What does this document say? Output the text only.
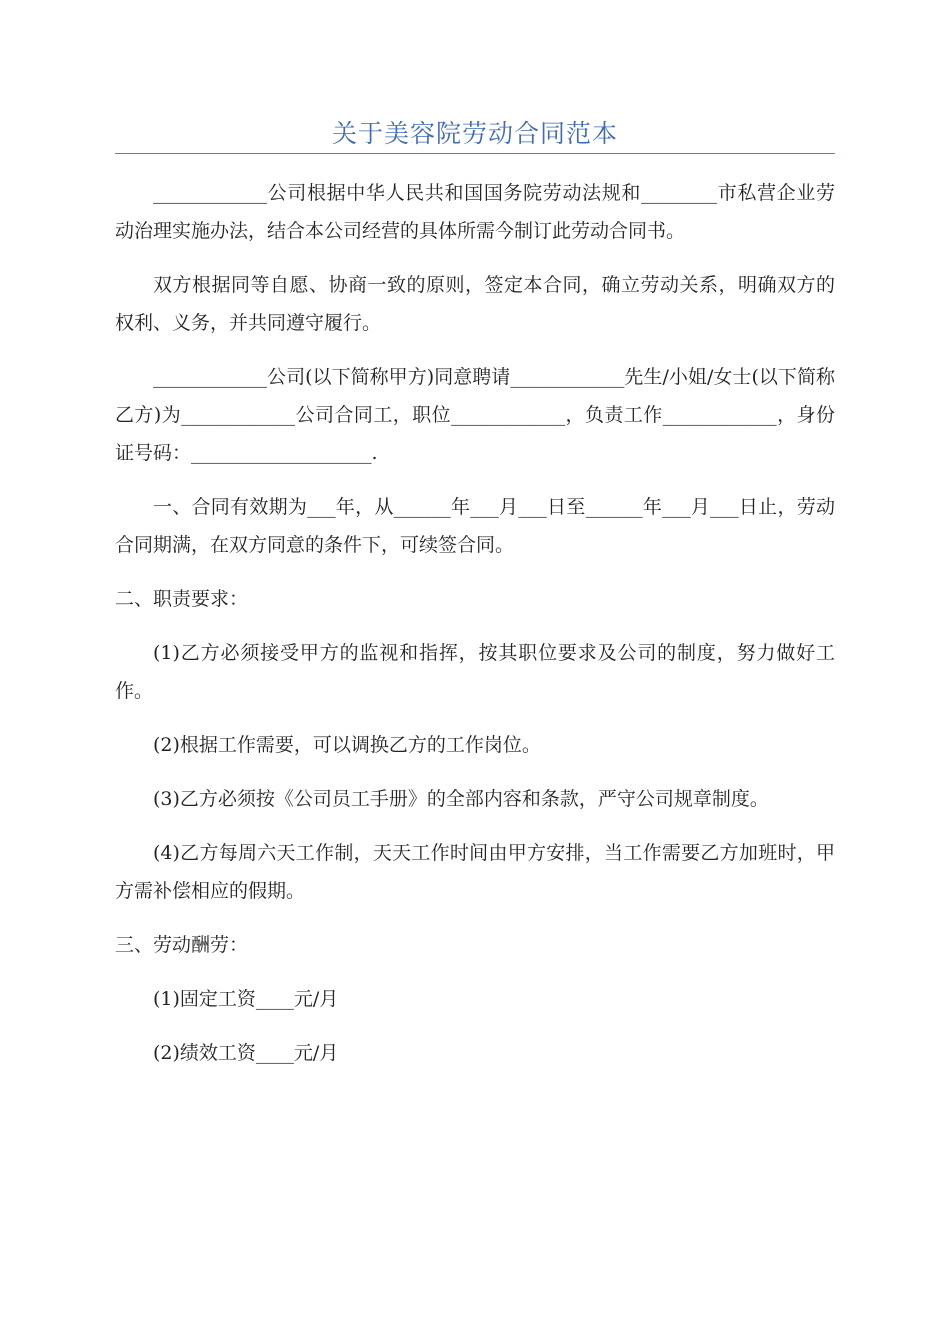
关于美容院劳动合同范本

____________公司根据中华人民共和国国务院劳动法规和________市私营企业劳动治理实施办法，结合本公司经营的具体所需今制订此劳动合同书。

双方根据同等自愿、协商一致的原则，签定本合同，确立劳动关系，明确双方的权利、义务，并共同遵守履行。

____________公司(以下简称甲方)同意聘请____________先生/小姐/女士(以下简称乙方)为____________公司合同工，职位____________，负责工作____________，身份证号码：___________________.

一、合同有效期为___年，从______年___月___日至______年___月___日止，劳动合同期满，在双方同意的条件下，可续签合同。

二、职责要求：

(1)乙方必须接受甲方的监视和指挥，按其职位要求及公司的制度，努力做好工作。

(2)根据工作需要，可以调换乙方的工作岗位。

(3)乙方必须按《公司员工手册》的全部内容和条款，严守公司规章制度。

(4)乙方每周六天工作制，天天工作时间由甲方安排，当工作需要乙方加班时，甲方需补偿相应的假期。

三、劳动酬劳：

(1)固定工资____元/月

(2)绩效工资____元/月
